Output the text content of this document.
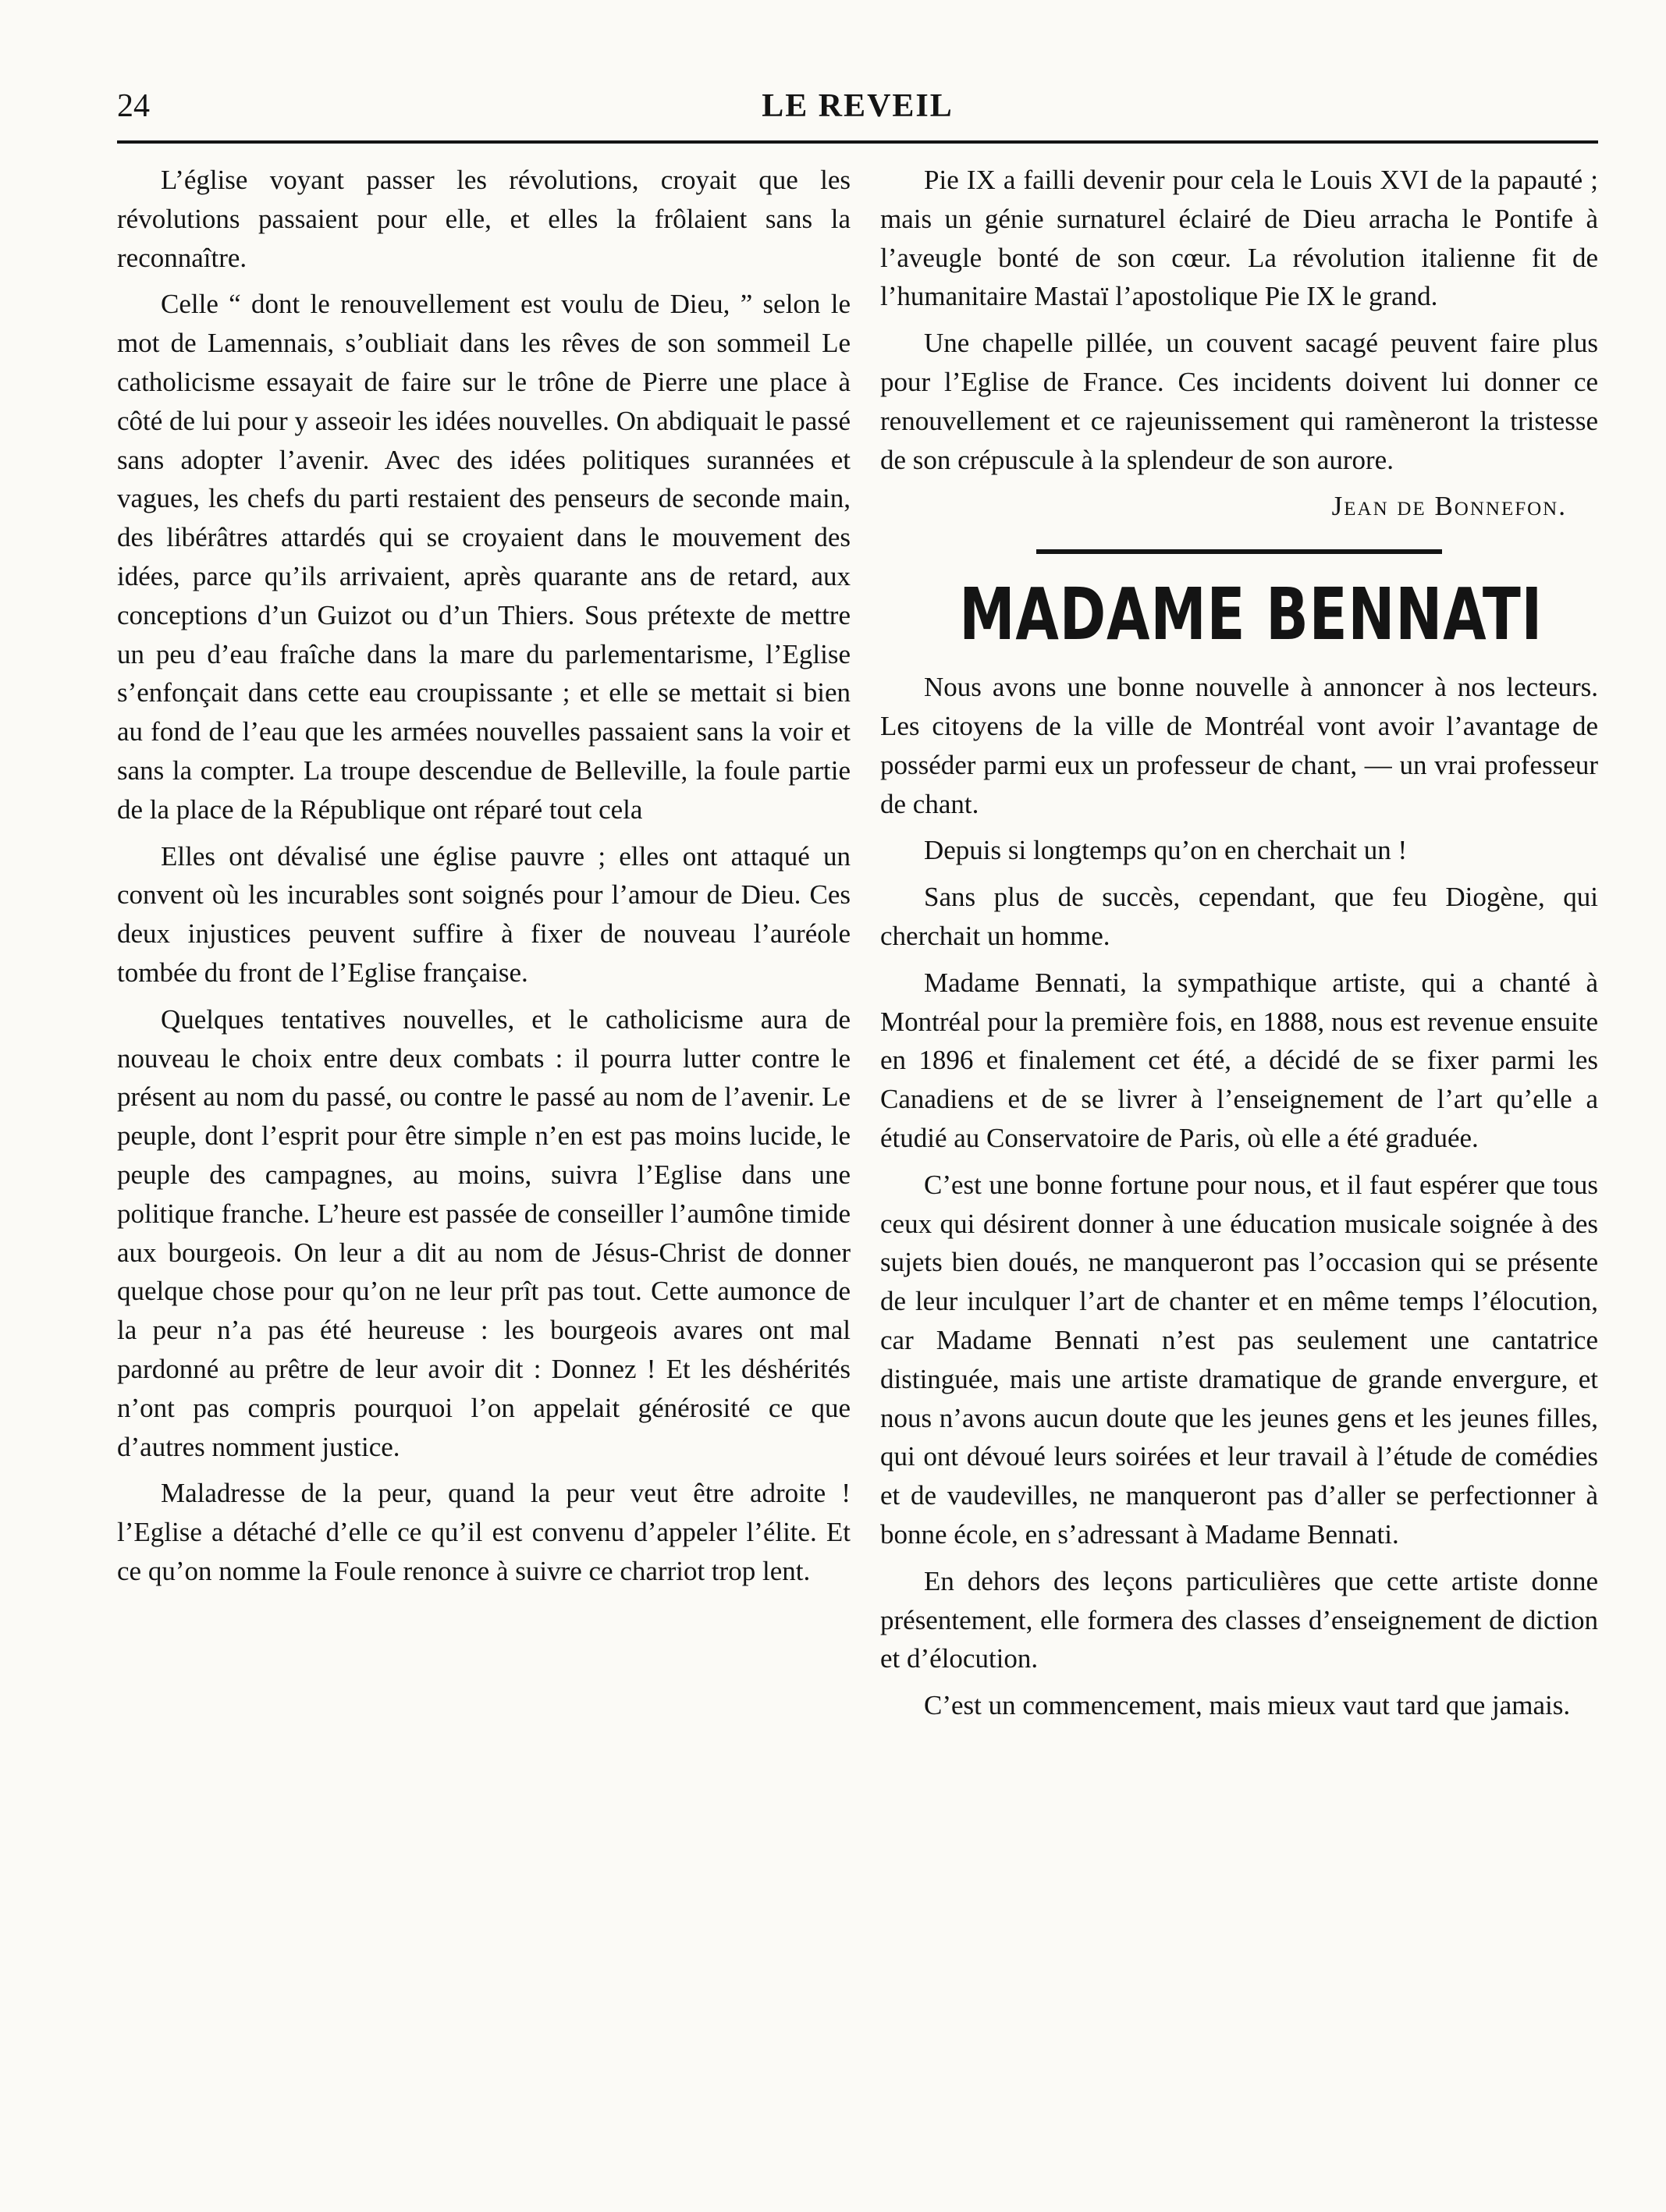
24	LE REVEIL

L’église voyant passer les révolutions, croyait que les révolutions passaient pour elle, et elles la frôlaient sans la reconnaître.

Celle “ dont le renouvellement est voulu de Dieu, ” selon le mot de Lamennais, s’oubliait dans les rêves de son sommeil Le catholicisme essayait de faire sur le trône de Pierre une place à côté de lui pour y asseoir les idées nouvelles. On abdiquait le passé sans adopter l’avenir. Avec des idées politiques surannées et vagues, les chefs du parti restaient des penseurs de seconde main, des libérâtres attardés qui se croyaient dans le mouvement des idées, parce qu’ils arrivaient, après quarante ans de retard, aux conceptions d’un Guizot ou d’un Thiers. Sous prétexte de mettre un peu d’eau fraîche dans la mare du parlementarisme, l’Eglise s’enfonçait dans cette eau croupissante ; et elle se mettait si bien au fond de l’eau que les armées nouvelles passaient sans la voir et sans la compter. La troupe descendue de Belleville, la foule partie de la place de la République ont réparé tout cela

Elles ont dévalisé une église pauvre ; elles ont attaqué un convent où les incurables sont soignés pour l’amour de Dieu. Ces deux injustices peuvent suffire à fixer de nouveau l’auréole tombée du front de l’Eglise française.

Quelques tentatives nouvelles, et le catholicisme aura de nouveau le choix entre deux combats : il pourra lutter contre le présent au nom du passé, ou contre le passé au nom de l’avenir. Le peuple, dont l’esprit pour être simple n’en est pas moins lucide, le peuple des campagnes, au moins, suivra l’Eglise dans une politique franche. L’heure est passée de conseiller l’aumône timide aux bourgeois. On leur a dit au nom de Jésus-Christ de donner quelque chose pour qu’on ne leur prît pas tout. Cette aumonce de la peur n’a pas été heureuse : les bourgeois avares ont mal pardonné au prêtre de leur avoir dit : Donnez ! Et les déshérités n’ont pas compris pourquoi l’on appelait générosité ce que d’autres nomment justice.

Maladresse de la peur, quand la peur veut être adroite ! l’Eglise a détaché d’elle ce qu’il est convenu d’appeler l’élite. Et ce qu’on nomme la Foule renonce à suivre ce charriot trop lent.

Pie IX a failli devenir pour cela le Louis XVI de la papauté ; mais un génie surnaturel éclairé de Dieu arracha le Pontife à l’aveugle bonté de son cœur. La révolution italienne fit de l’humanitaire Mastaï l’apostolique Pie IX le grand.

Une chapelle pillée, un couvent sacagé peuvent faire plus pour l’Eglise de France. Ces incidents doivent lui donner ce renouvellement et ce rajeunissement qui ramèneront la tristesse de son crépuscule à la splendeur de son aurore.

Jean de Bonnefon.
MADAME BENNATI

Nous avons une bonne nouvelle à annoncer à nos lecteurs. Les citoyens de la ville de Montréal vont avoir l’avantage de posséder parmi eux un professeur de chant, — un vrai professeur de chant.

Depuis si longtemps qu’on en cherchait un !

Sans plus de succès, cependant, que feu Diogène, qui cherchait un homme.

Madame Bennati, la sympathique artiste, qui a chanté à Montréal pour la première fois, en 1888, nous est revenue ensuite en 1896 et finalement cet été, a décidé de se fixer parmi les Canadiens et de se livrer à l’enseignement de l’art qu’elle a étudié au Conservatoire de Paris, où elle a été graduée.

C’est une bonne fortune pour nous, et il faut espérer que tous ceux qui désirent donner à une éducation musicale soignée à des sujets bien doués, ne manqueront pas l’occasion qui se présente de leur inculquer l’art de chanter et en même temps l’élocution, car Madame Bennati n’est pas seulement une cantatrice distinguée, mais une artiste dramatique de grande envergure, et nous n’avons aucun doute que les jeunes gens et les jeunes filles, qui ont dévoué leurs soirées et leur travail à l’étude de comédies et de vaudevilles, ne manqueront pas d’aller se perfectionner à bonne école, en s’adressant à Madame Bennati.

En dehors des leçons particulières que cette artiste donne présentement, elle formera des classes d’enseignement de diction et d’élocution.

C’est un commencement, mais mieux vaut tard que jamais.
